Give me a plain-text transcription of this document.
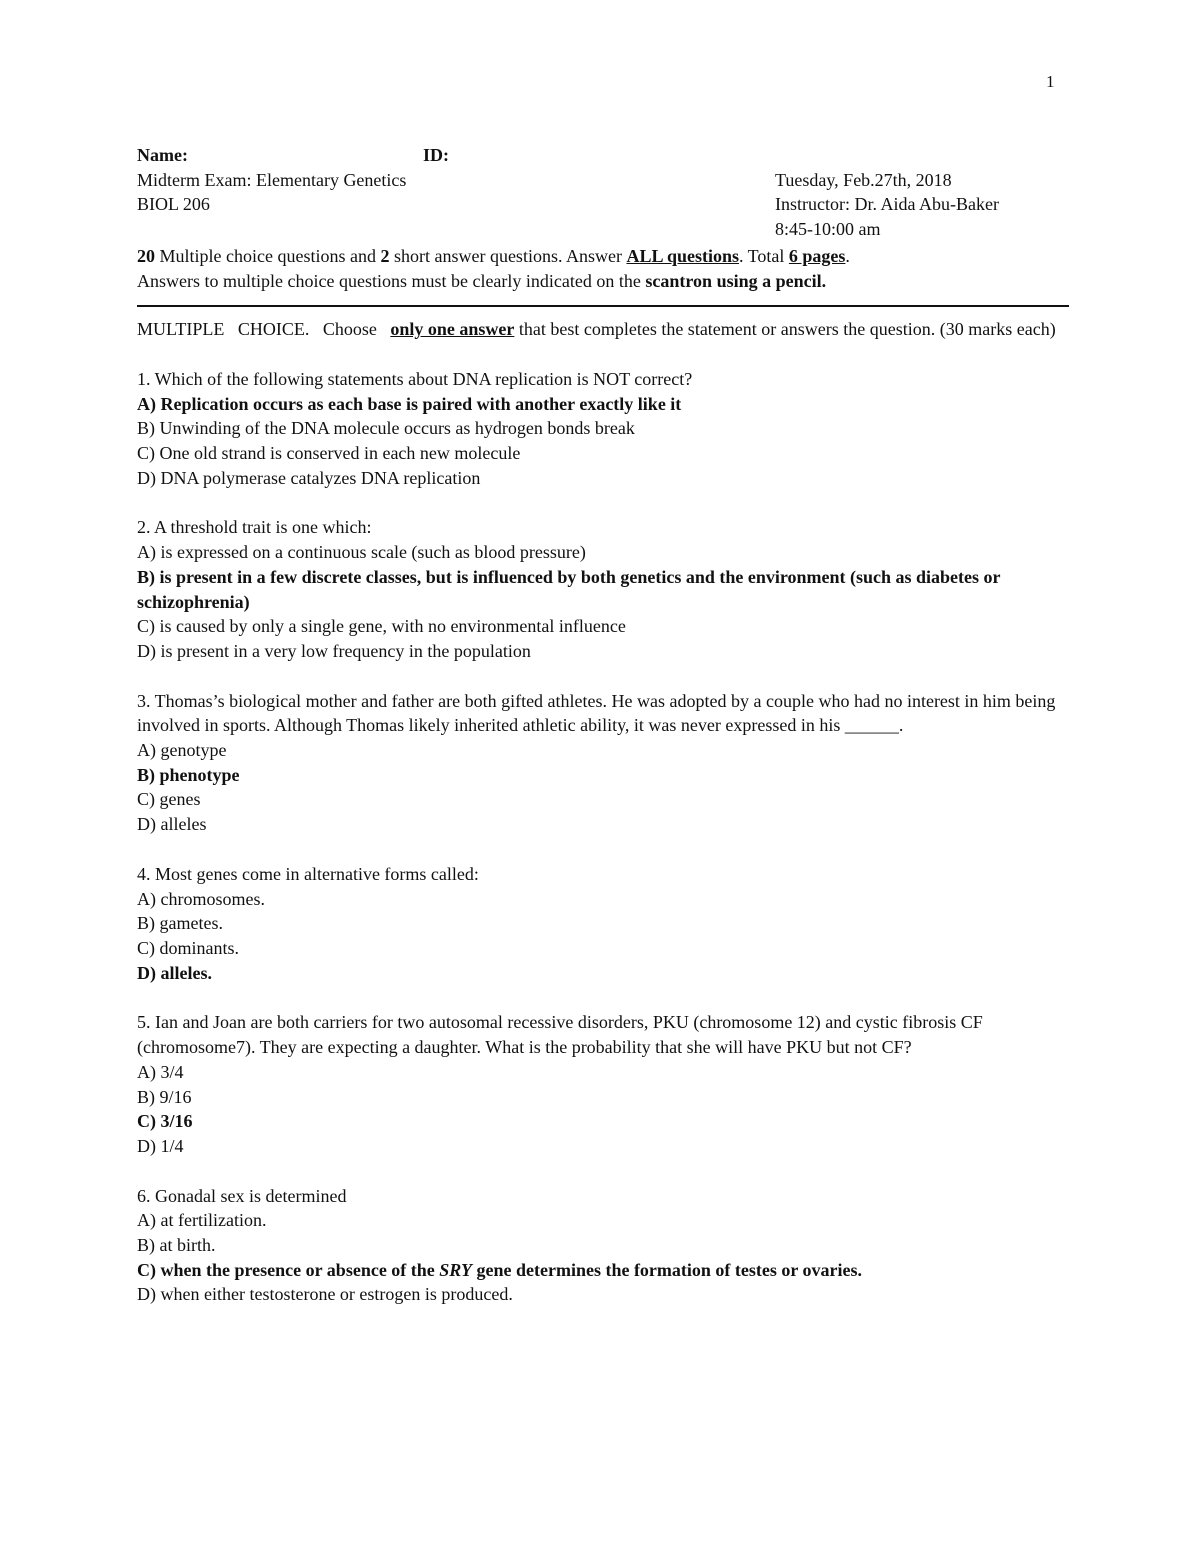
1
Name:	ID:
Midterm Exam: Elementary Genetics	Tuesday, Feb.27th, 2018
BIOL 206	Instructor: Dr. Aida Abu-Baker
8:45-10:00 am
20 Multiple choice questions and 2 short answer questions. Answer ALL questions. Total 6 pages.
Answers to multiple choice questions must be clearly indicated on the scantron using a pencil.
MULTIPLE CHOICE. Choose only one answer that best completes the statement or answers the question. (30 marks each)

1. Which of the following statements about DNA replication is NOT correct?

A) Replication occurs as each base is paired with another exactly like it

B) Unwinding of the DNA molecule occurs as hydrogen bonds break

C) One old strand is conserved in each new molecule

D) DNA polymerase catalyzes DNA replication

2. A threshold trait is one which:

A) is expressed on a continuous scale (such as blood pressure)

B) is present in a few discrete classes, but is influenced by both genetics and the environment (such as diabetes or schizophrenia)

C) is caused by only a single gene, with no environmental influence

D) is present in a very low frequency in the population

3. Thomas’s biological mother and father are both gifted athletes. He was adopted by a couple who had no interest in him being involved in sports. Although Thomas likely inherited athletic ability, it was never expressed in his ______.

A) genotype

B) phenotype

C) genes

D) alleles

4. Most genes come in alternative forms called:

A) chromosomes.

B) gametes.

C) dominants.

D) alleles.

5. Ian and Joan are both carriers for two autosomal recessive disorders, PKU (chromosome 12) and cystic fibrosis CF (chromosome7). They are expecting a daughter. What is the probability that she will have PKU but not CF?

A) 3/4

B) 9/16

C) 3/16

D) 1/4

6. Gonadal sex is determined

A) at fertilization.

B) at birth.

C) when the presence or absence of the SRY gene determines the formation of testes or ovaries.

D) when either testosterone or estrogen is produced.
